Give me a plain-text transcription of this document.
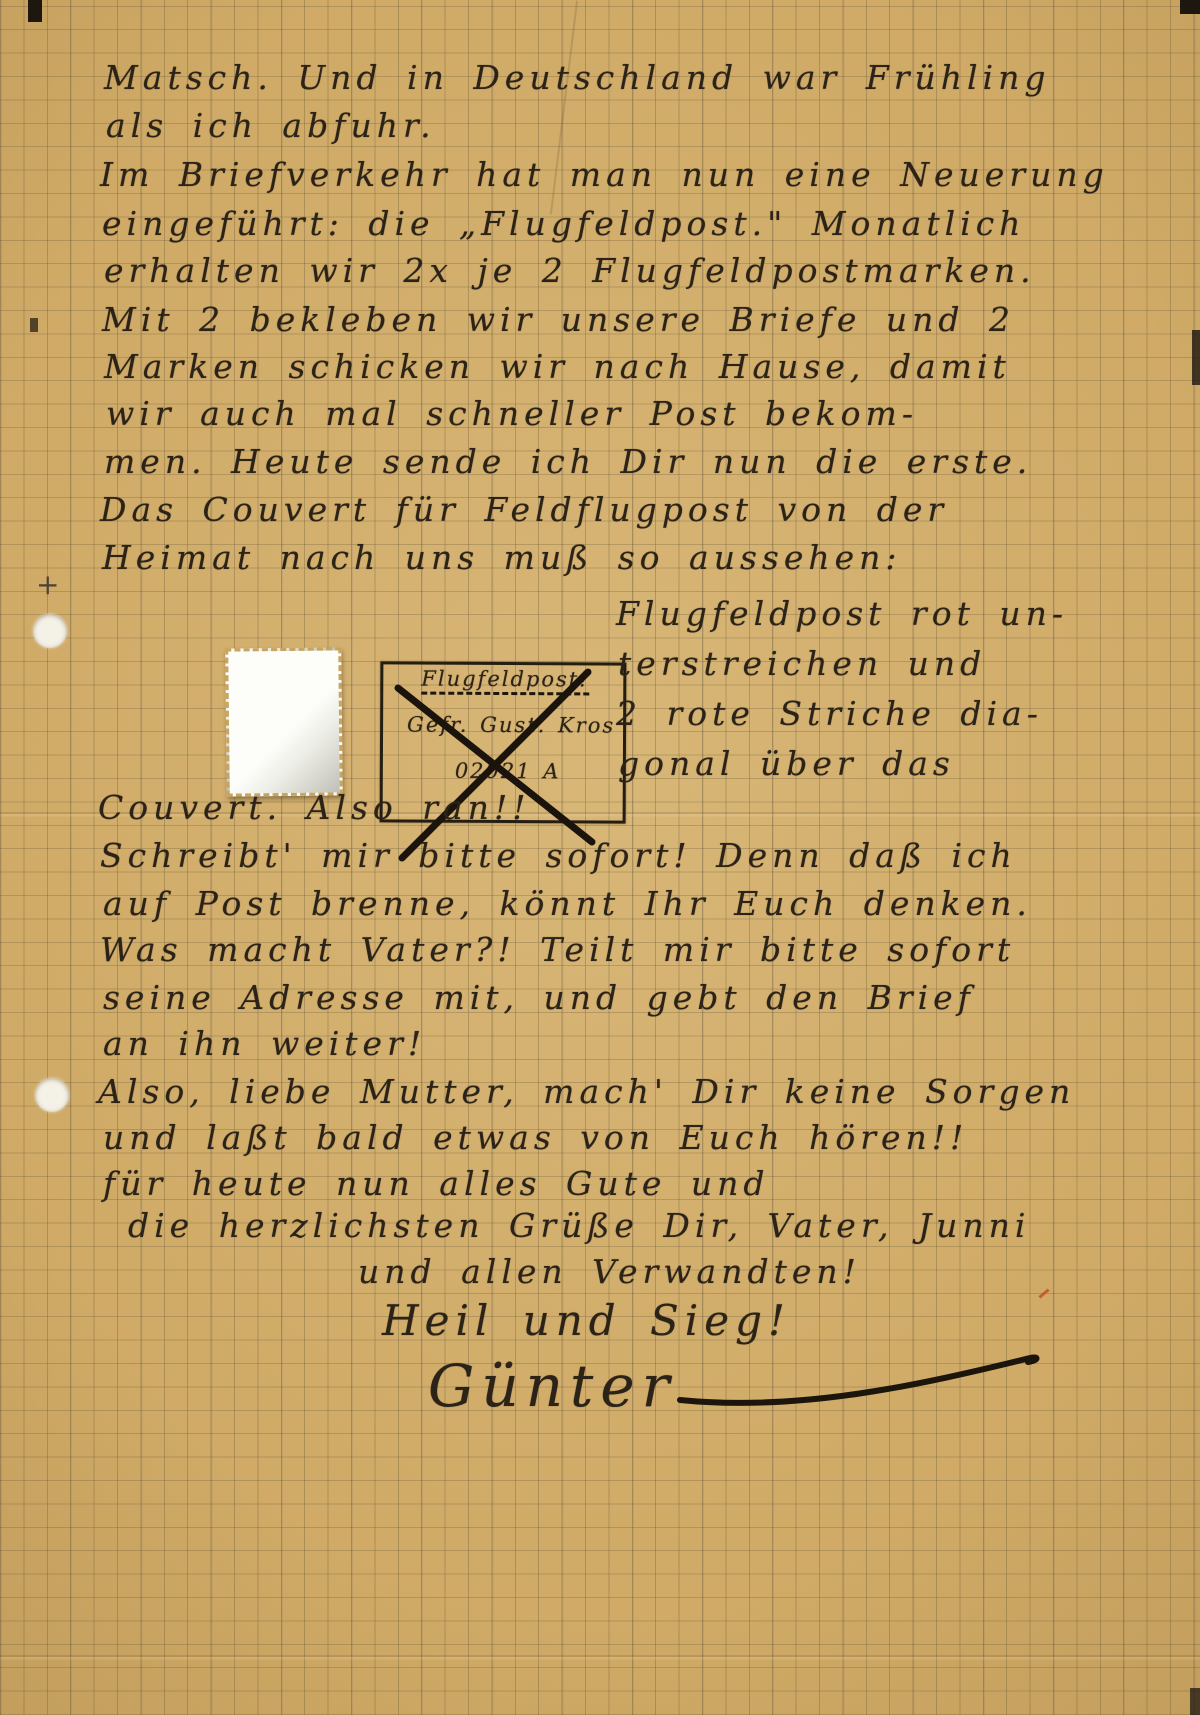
+
Matsch. Und in Deutschland war Frühling
als ich abfuhr.
Im Briefverkehr hat man nun eine Neuerung
eingeführt: die „Flugfeldpost." Monatlich
erhalten wir 2x je 2 Flugfeldpostmarken.
Mit 2 bekleben wir unsere Briefe und 2
Marken schicken wir nach Hause, damit
wir auch mal schneller Post bekom-
men. Heute sende ich Dir nun die erste.
Das Couvert für Feldflugpost von der
Heimat nach uns muß so aussehen:
Flugfeldpost!
Gefr. Gust. Kros
02021 A
Flugfeldpost rot un-
terstreichen und
2 rote Striche dia-
gonal über das
Couvert. Also ran!!
Schreibt' mir bitte sofort! Denn daß ich
auf Post brenne, könnt Ihr Euch denken.
Was macht Vater?! Teilt mir bitte sofort
seine Adresse mit, und gebt den Brief
an ihn weiter!
Also, liebe Mutter, mach' Dir keine Sorgen
und laßt bald etwas von Euch hören!!
für heute nun alles Gute und
die herzlichsten Grüße Dir, Vater, Junni
und allen Verwandten!
Heil und Sieg!
Günter
